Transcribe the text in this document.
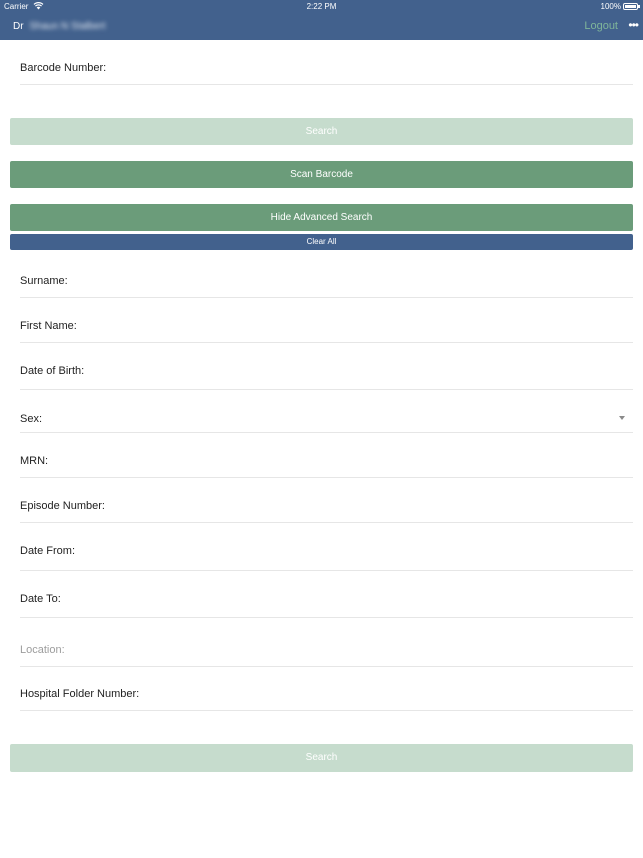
Carrier	2:22 PM	100%
Dr Shaun N Stalbert	Logout •••
Barcode Number:
Search
Scan Barcode
Hide Advanced Search
Clear All
Surname:
First Name:
Date of Birth:
Sex:
MRN:
Episode Number:
Date From:
Date To:
Location:
Hospital Folder Number:
Search
